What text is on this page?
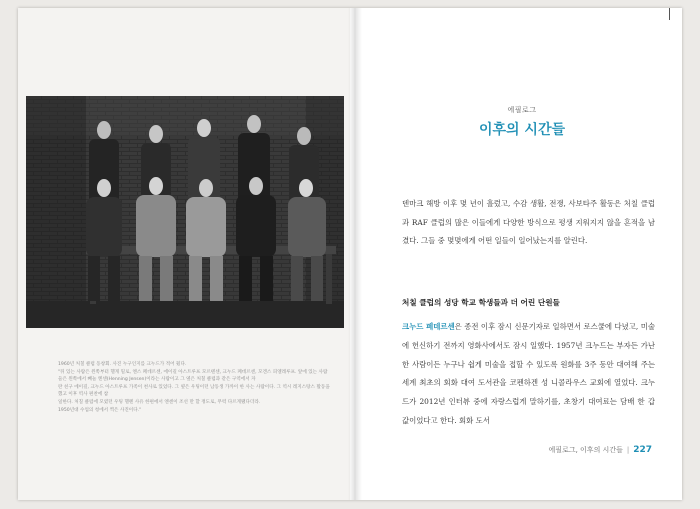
1960년 처칠 클럽 동창회. 사진 누구인지를 크누드가 적어 뒀다.

"뒤 있는 사람은 왼쪽부터 헬게 밀로, 옌스 페데르센, 에이길 아스트루프 모르텐센, 크누드 페데르센, 모겐스 피엘레루프. 앞에 있는 사람들은 왼쪽에서 빼늘 옌센(Henning Jensen)이라는 사람이고 그 옆은 처칠 클럽과 같은 구역에서 자

란 친구 에이길, 크누드 아스트루프 가족이 천사로 있었다. 그 옆은 우팅이던 남동생 가까이 한 사는 사람이다. 그 역시 레지스탕스 활동을 했고 이후 역사 편찬에 참

일한다. 처칠 클럽에 모였던 우팅 헬렌 사유 한편에서 옌센이 조선 만 할 정도로, 무력 다르게됐다더라.

1950년대 수업의 청에서 찍은 사진이다."

에필로그
이후의 시간들

덴마크 해방 이후 몇 년이 흘렀고, 수감 생활, 전쟁, 사보타주 활동은 처칠 클럽과 RAF 클럽의 많은 이들에게 다양한 방식으로 평생 지워지지 않을 흔적을 남겼다. 그들 중 몇몇에게 어떤 일들이 일어났는지를 알린다.

처칠 클럽의 성당 학교 학생들과 더 어린 단원들

크누드 페데르센은 종전 이후 잠시 신문기자로 일하면서 로스쿨에 다녔고, 미술에 헌신하기 전까지 영화사에서도 잠시 일했다. 1957년 크누드는 부자든 가난한 사람이든 누구나 쉽게 미술을 접할 수 있도록 원화를 3주 동안 대여해 주는 세계 최초의 회화 대여 도서관을 코펜하겐 성 니콜라우스 교회에 열었다. 크누드가 2012년 인터뷰 중에 자랑스럽게 말하기를, 초창기 대여료는 담배 한 갑 값이었다고 한다. 회화 도서

에필로그, 이후의 시간들 | 227
